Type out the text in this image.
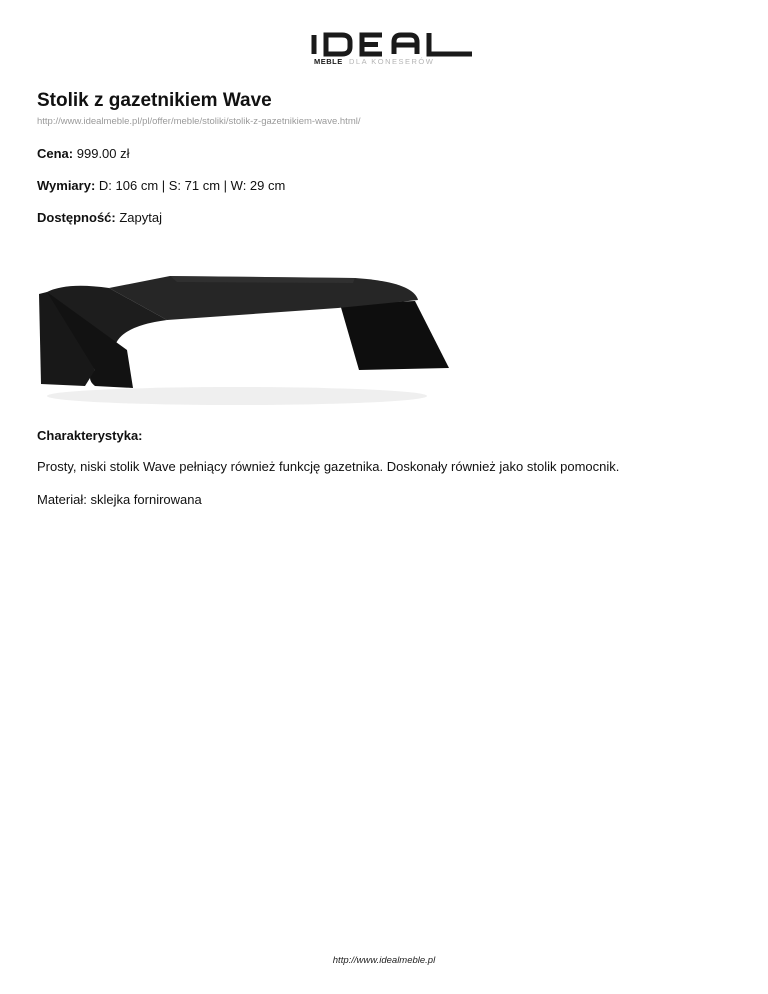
MEBLE DLA KONESERÓW
Stolik z gazetnikiem Wave
http://www.idealmeble.pl/pl/offer/meble/stoliki/stolik-z-gazetnikiem-wave.html/
Cena: 999.00 zł
Wymiary: D: 106 cm | S: 71 cm | W: 29 cm
Dostępność: Zapytaj
Charakterystyka:

Prosty, niski stolik Wave pełniący również funkcję gazetnika. Doskonały również jako stolik pomocnik.

Materiał: sklejka fornirowana

http://www.idealmeble.pl
